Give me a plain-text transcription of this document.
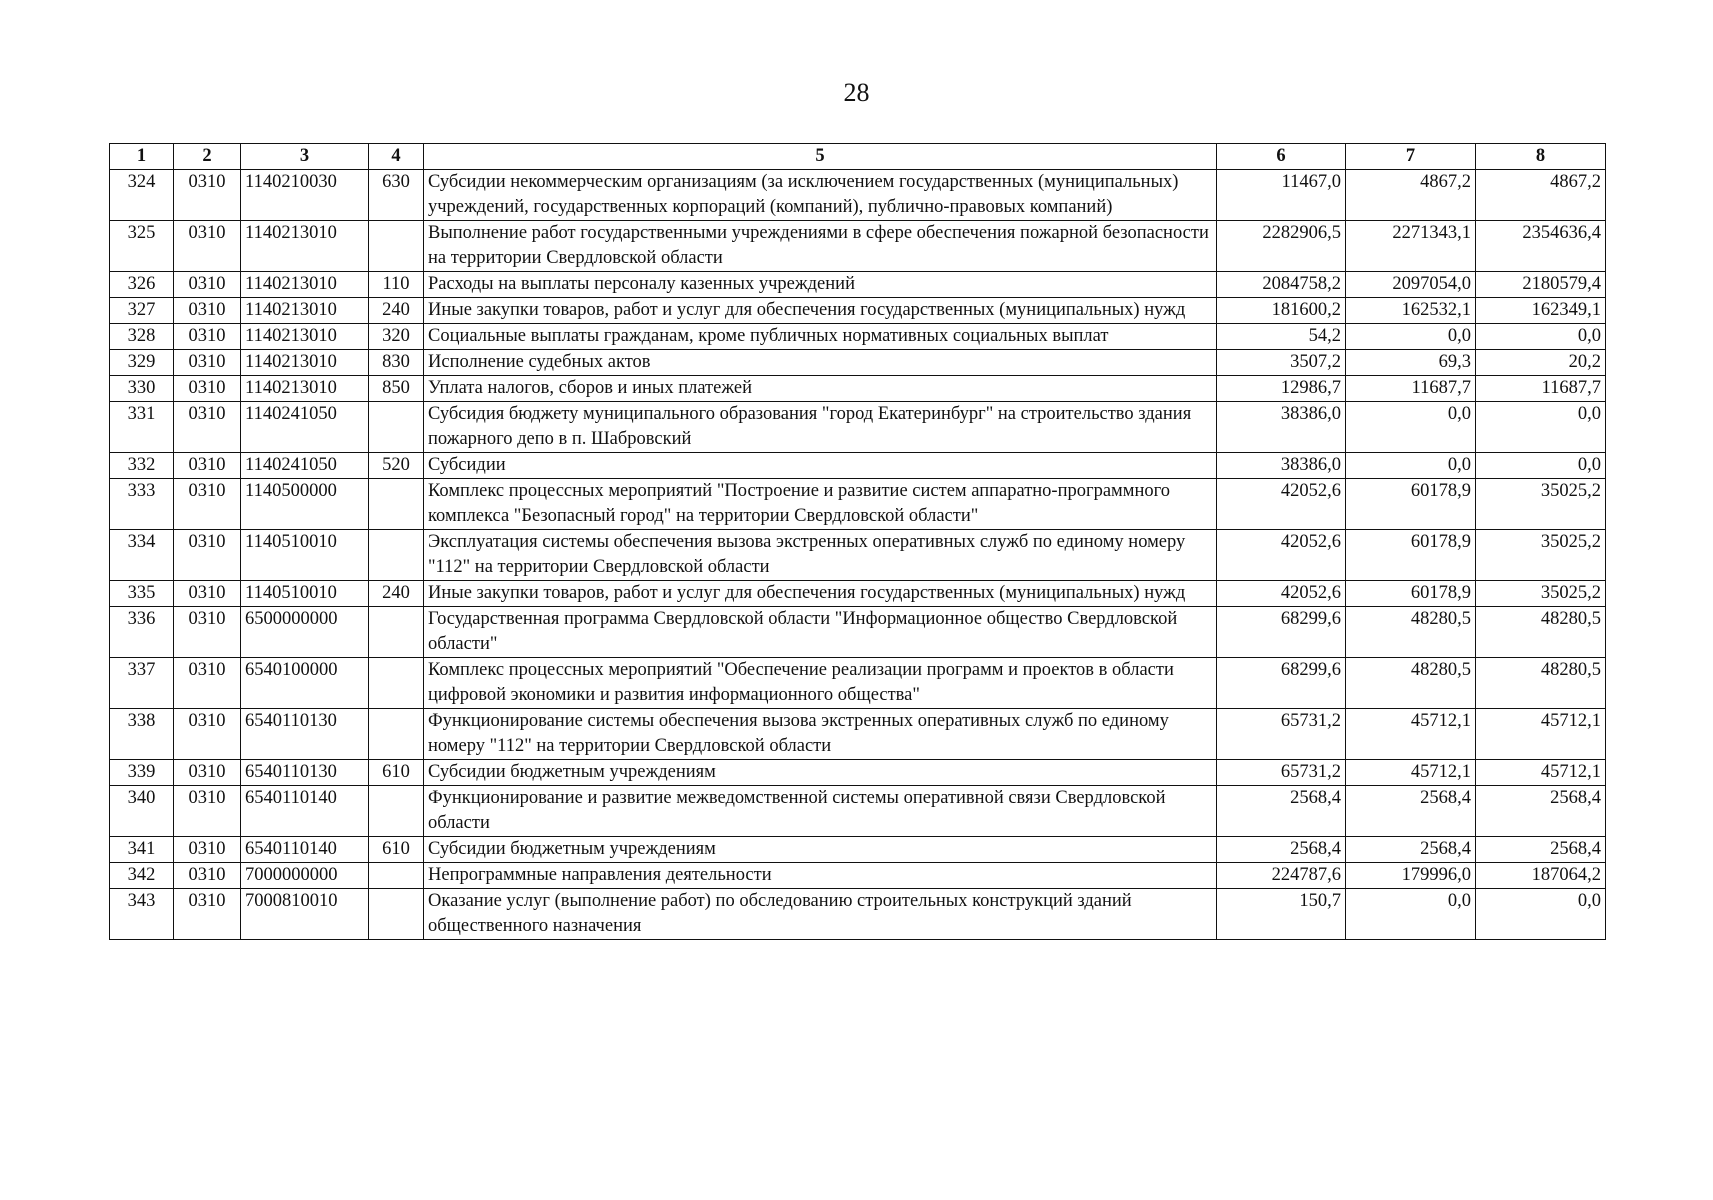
28
1	2	3	4	5	6	7	8
324	0310	1140210030	630	Субсидии некоммерческим организациям (за исключением государственных (муниципальных) учреждений, государственных корпораций (компаний), публично-правовых компаний)	11467,0	4867,2	4867,2
325	0310	1140213010		Выполнение работ государственными учреждениями в сфере обеспечения пожарной безопасности на территории Свердловской области	2282906,5	2271343,1	2354636,4
326	0310	1140213010	110	Расходы на выплаты персоналу казенных учреждений	2084758,2	2097054,0	2180579,4
327	0310	1140213010	240	Иные закупки товаров, работ и услуг для обеспечения государственных (муниципальных) нужд	181600,2	162532,1	162349,1
328	0310	1140213010	320	Социальные выплаты гражданам, кроме публичных нормативных социальных выплат	54,2	0,0	0,0
329	0310	1140213010	830	Исполнение судебных актов	3507,2	69,3	20,2
330	0310	1140213010	850	Уплата налогов, сборов и иных платежей	12986,7	11687,7	11687,7
331	0310	1140241050		Субсидия бюджету муниципального образования "город Екатеринбург" на строительство здания пожарного депо в п. Шабровский	38386,0	0,0	0,0
332	0310	1140241050	520	Субсидии	38386,0	0,0	0,0
333	0310	1140500000		Комплекс процессных мероприятий "Построение и развитие систем аппаратно-программного комплекса "Безопасный город" на территории Свердловской области"	42052,6	60178,9	35025,2
334	0310	1140510010		Эксплуатация системы обеспечения вызова экстренных оперативных служб по единому номеру "112" на территории Свердловской области	42052,6	60178,9	35025,2
335	0310	1140510010	240	Иные закупки товаров, работ и услуг для обеспечения государственных (муниципальных) нужд	42052,6	60178,9	35025,2
336	0310	6500000000		Государственная программа Свердловской области "Информационное общество Свердловской области"	68299,6	48280,5	48280,5
337	0310	6540100000		Комплекс процессных мероприятий "Обеспечение реализации программ и проектов в области цифровой экономики и развития информационного общества"	68299,6	48280,5	48280,5
338	0310	6540110130		Функционирование системы обеспечения вызова экстренных оперативных служб по единому номеру "112" на территории Свердловской области	65731,2	45712,1	45712,1
339	0310	6540110130	610	Субсидии бюджетным учреждениям	65731,2	45712,1	45712,1
340	0310	6540110140		Функционирование и развитие межведомственной системы оперативной связи Свердловской области	2568,4	2568,4	2568,4
341	0310	6540110140	610	Субсидии бюджетным учреждениям	2568,4	2568,4	2568,4
342	0310	7000000000		Непрограммные направления деятельности	224787,6	179996,0	187064,2
343	0310	7000810010		Оказание услуг (выполнение работ) по обследованию строительных конструкций зданий общественного назначения	150,7	0,0	0,0
